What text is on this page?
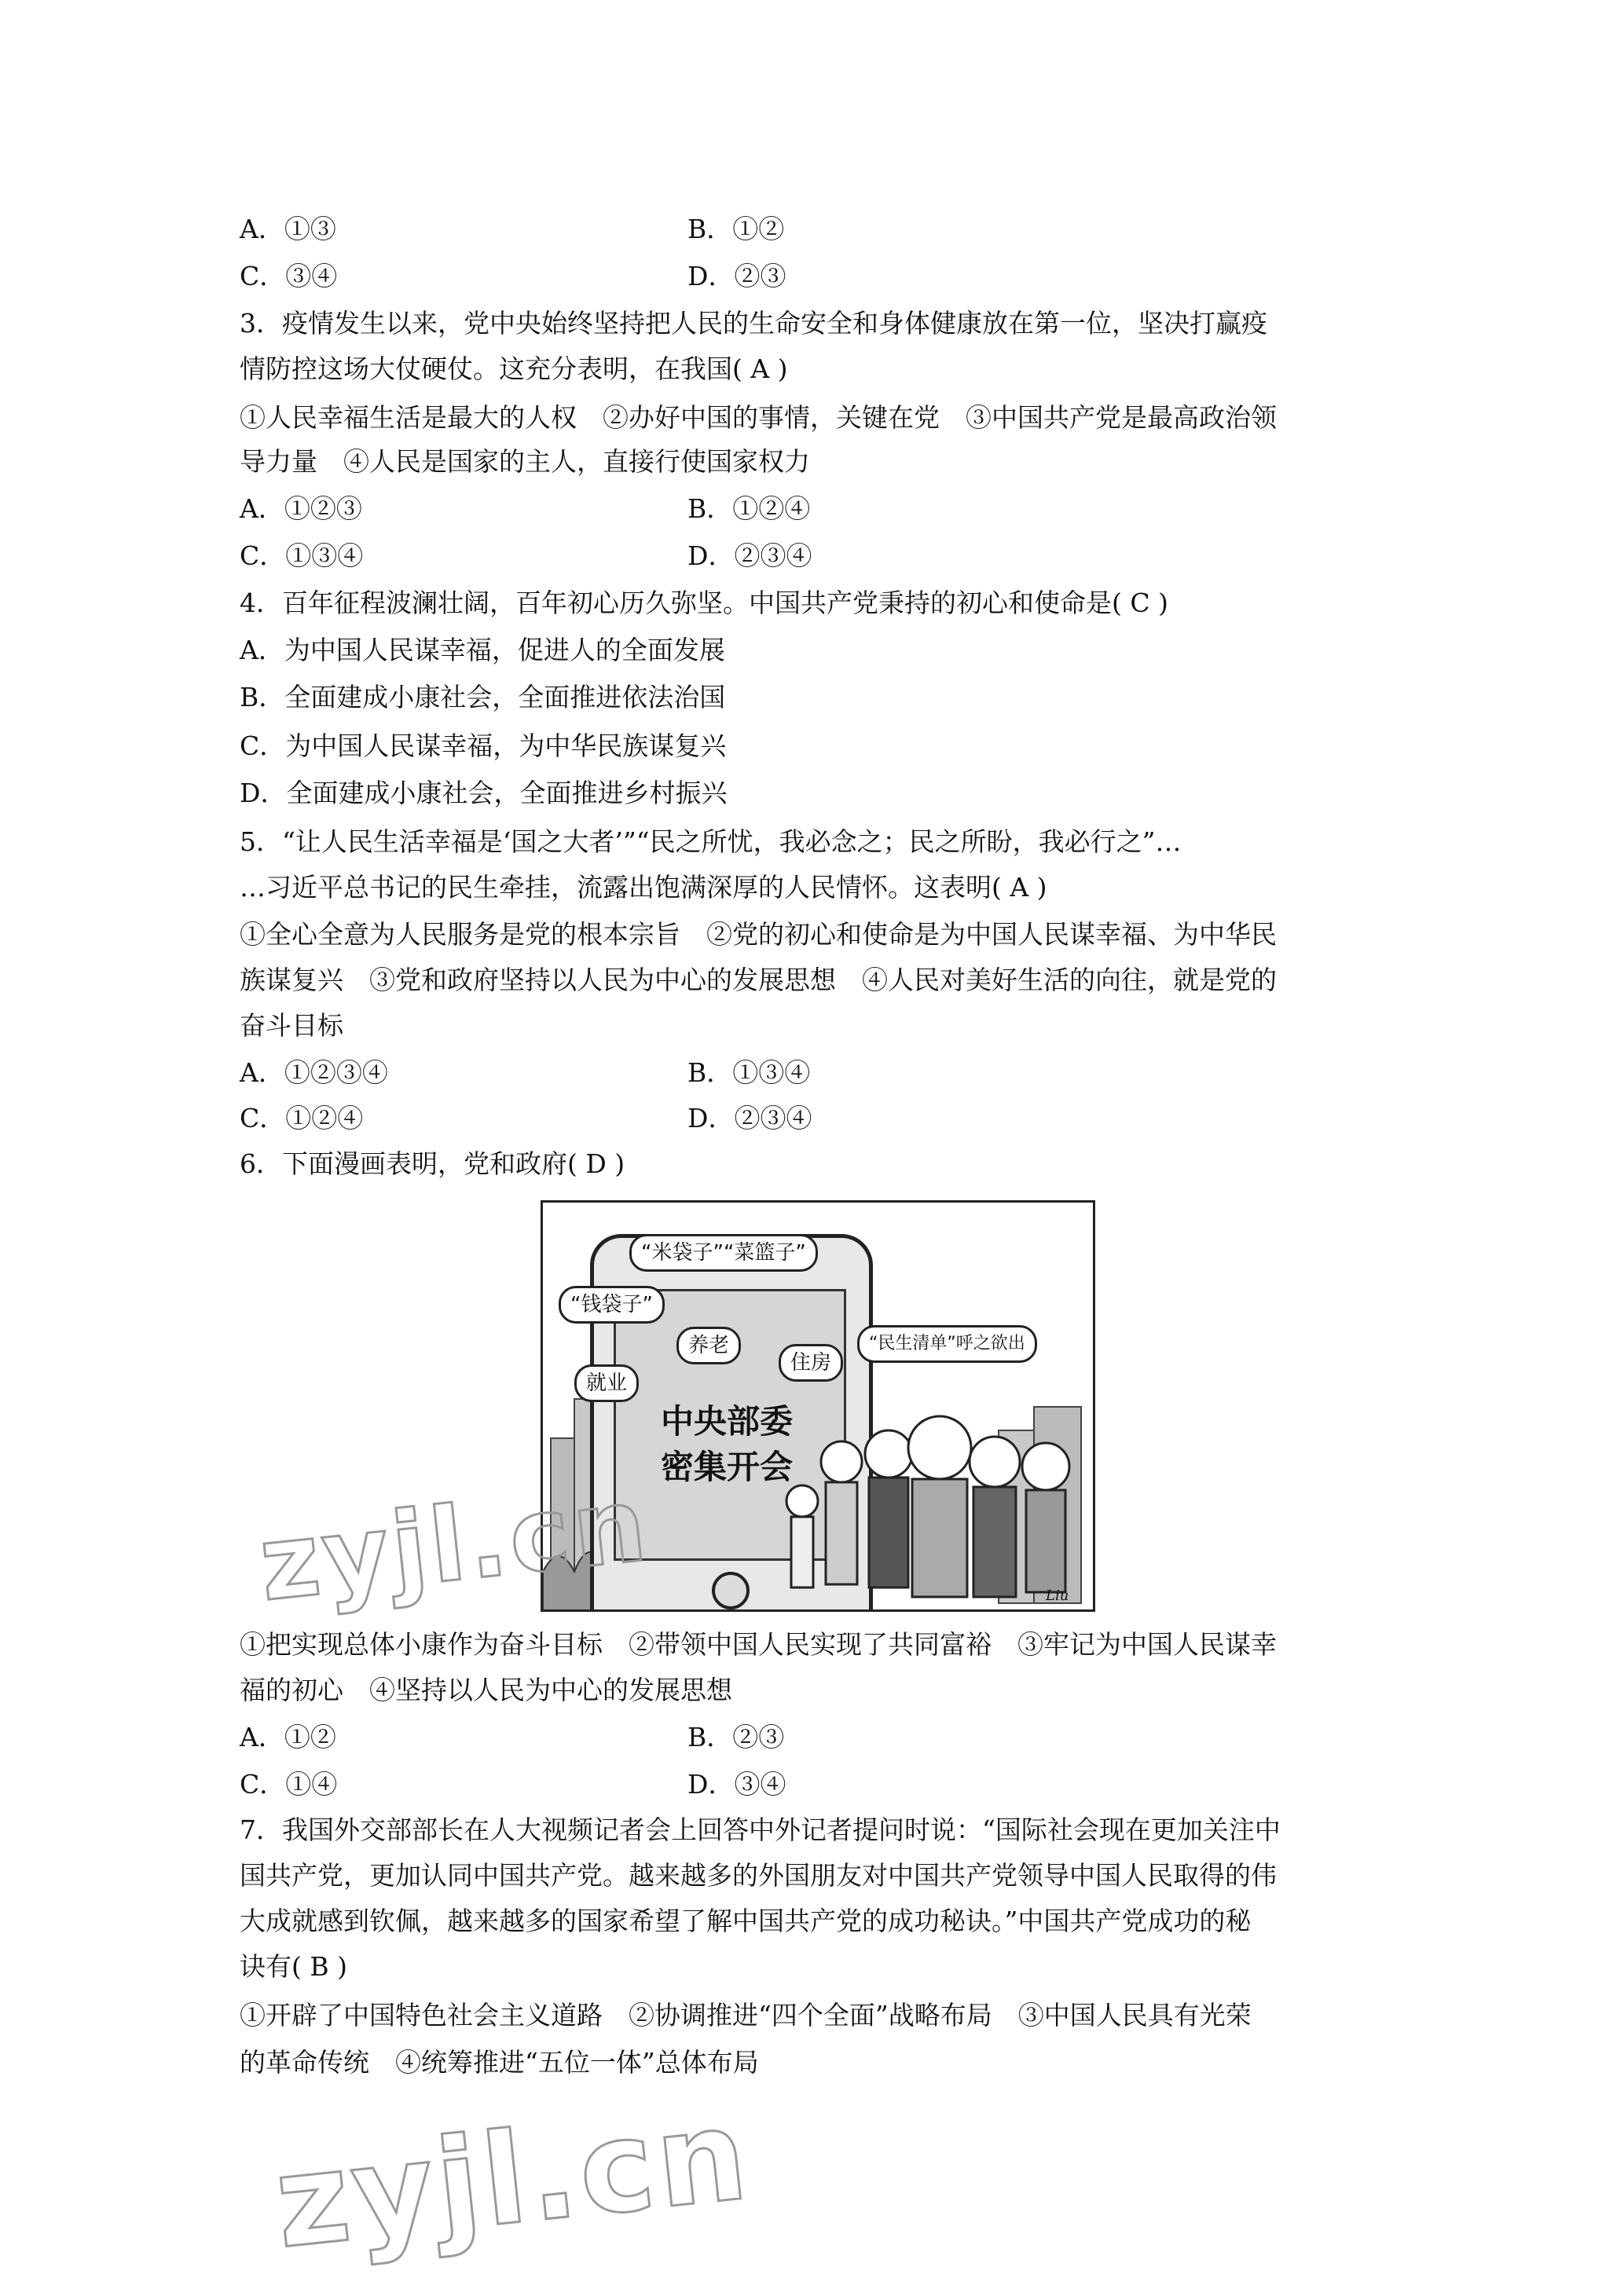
A．①③	B．①②
C．③④	D．②③
3．疫情发生以来，党中央始终坚持把人民的生命安全和身体健康放在第一位，坚决打赢疫
情防控这场大仗硬仗。这充分表明，在我国( A )
①人民幸福生活是最大的人权　②办好中国的事情，关键在党　③中国共产党是最高政治领
导力量　④人民是国家的主人，直接行使国家权力
A．①②③	B．①②④
C．①③④	D．②③④
4．百年征程波澜壮阔，百年初心历久弥坚。中国共产党秉持的初心和使命是( C )
A．为中国人民谋幸福，促进人的全面发展
B．全面建成小康社会，全面推进依法治国
C．为中国人民谋幸福，为中华民族谋复兴
D．全面建成小康社会，全面推进乡村振兴
5．“让人民生活幸福是‘国之大者’”“民之所忧，我必念之；民之所盼，我必行之”…
…习近平总书记的民生牵挂，流露出饱满深厚的人民情怀。这表明( A )
①全心全意为人民服务是党的根本宗旨　②党的初心和使命是为中国人民谋幸福、为中华民
族谋复兴　③党和政府坚持以人民为中心的发展思想　④人民对美好生活的向往，就是党的
奋斗目标
A．①②③④	B．①③④
C．①②④	D．②③④
6．下面漫画表明，党和政府( D )
中央部委
密集开会
“米袋子”“菜篮子”
“钱袋子”
养老
住房
就业
“民生清单”呼之欲出
Liu
①把实现总体小康作为奋斗目标　②带领中国人民实现了共同富裕　③牢记为中国人民谋幸
福的初心　④坚持以人民为中心的发展思想
A．①②	B．②③
C．①④	D．③④
7．我国外交部部长在人大视频记者会上回答中外记者提问时说：“国际社会现在更加关注中
国共产党，更加认同中国共产党。越来越多的外国朋友对中国共产党领导中国人民取得的伟
大成就感到钦佩，越来越多的国家希望了解中国共产党的成功秘诀。”中国共产党成功的秘
诀有( B )
①开辟了中国特色社会主义道路　②协调推进“四个全面”战略布局　③中国人民具有光荣
的革命传统　④统筹推进“五位一体”总体布局
zyjl.cn
zyjl.cn
